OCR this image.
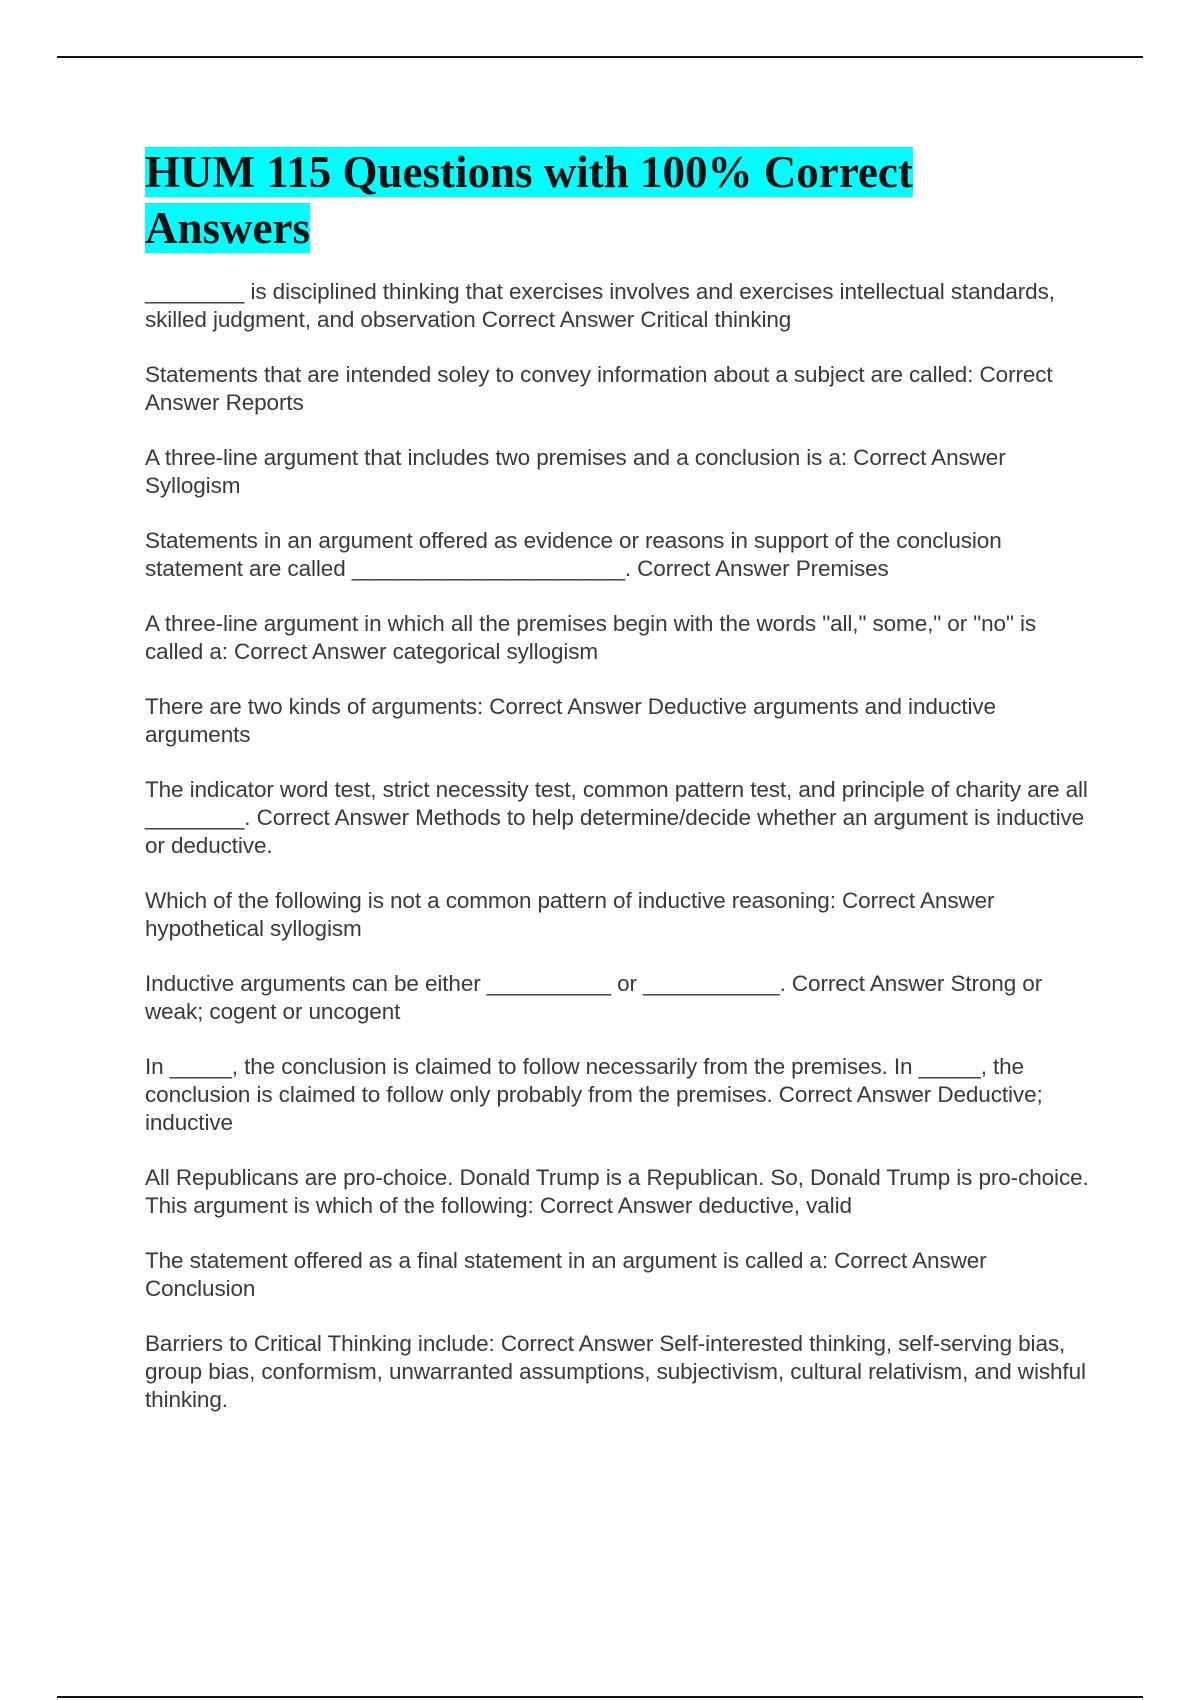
HUM 115 Questions with 100% Correct Answers

________ is disciplined thinking that exercises involves and exercises intellectual standards, skilled judgment, and observation Correct Answer Critical thinking

Statements that are intended soley to convey information about a subject are called: Correct Answer Reports

A three-line argument that includes two premises and a conclusion is a: Correct Answer Syllogism

Statements in an argument offered as evidence or reasons in support of the conclusion statement are called ______________________. Correct Answer Premises

A three-line argument in which all the premises begin with the words "all," some," or "no" is called a: Correct Answer categorical syllogism

There are two kinds of arguments: Correct Answer Deductive arguments and inductive arguments

The indicator word test, strict necessity test, common pattern test, and principle of charity are all ________. Correct Answer Methods to help determine/decide whether an argument is inductive or deductive.

Which of the following is not a common pattern of inductive reasoning: Correct Answer hypothetical syllogism

Inductive arguments can be either __________ or ___________. Correct Answer Strong or weak; cogent or uncogent

In _____, the conclusion is claimed to follow necessarily from the premises. In _____, the conclusion is claimed to follow only probably from the premises. Correct Answer Deductive; inductive

All Republicans are pro-choice. Donald Trump is a Republican. So, Donald Trump is pro-choice. This argument is which of the following: Correct Answer deductive, valid

The statement offered as a final statement in an argument is called a: Correct Answer Conclusion

Barriers to Critical Thinking include: Correct Answer Self-interested thinking, self-serving bias, group bias, conformism, unwarranted assumptions, subjectivism, cultural relativism, and wishful thinking.
